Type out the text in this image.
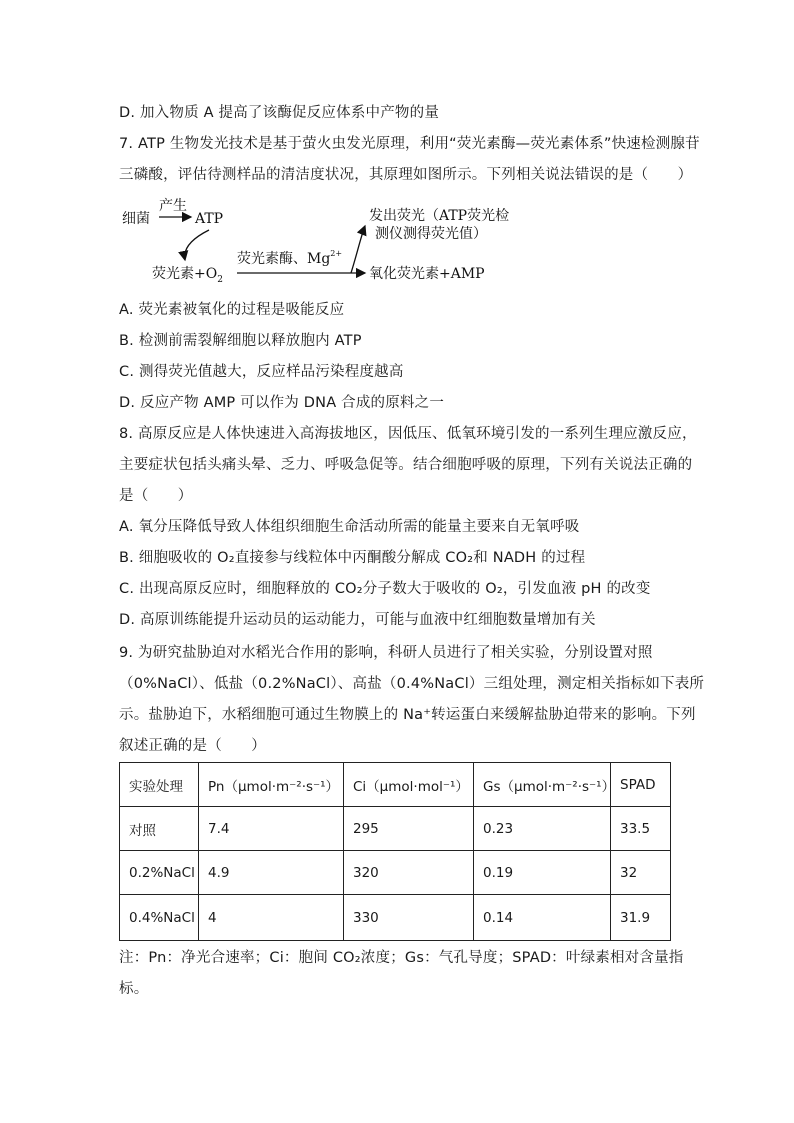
D. 加入物质 A 提高了该酶促反应体系中产物的量
7. ATP 生物发光技术是基于萤火虫发光原理，利用“荧光素酶—荧光素体系”快速检测腺苷
三磷酸，评估待测样品的清洁度状况，其原理如图所示。下列相关说法错误的是（　　）
细菌
产生
ATP
荧光素$+O_2$
荧光素酶、$Mg^{2+}$
氧化荧光素+AMP
发出荧光（ATP荧光检
测仪测得荧光值）
A. 荧光素被氧化的过程是吸能反应
B. 检测前需裂解细胞以释放胞内 ATP
C. 测得荧光值越大，反应样品污染程度越高
D. 反应产物 AMP 可以作为 DNA 合成的原料之一
8. 高原反应是人体快速进入高海拔地区，因低压、低氧环境引发的一系列生理应激反应，
主要症状包括头痛头晕、乏力、呼吸急促等。结合细胞呼吸的原理，下列有关说法正确的
是（　　）
A. 氧分压降低导致人体组织细胞生命活动所需的能量主要来自无氧呼吸
B. 细胞吸收的 O₂直接参与线粒体中丙酮酸分解成 CO₂和 NADH 的过程
C. 出现高原反应时，细胞释放的 CO₂分子数大于吸收的 O₂，引发血液 pH 的改变
D. 高原训练能提升运动员的运动能力，可能与血液中红细胞数量增加有关
9. 为研究盐胁迫对水稻光合作用的影响，科研人员进行了相关实验，分别设置对照
（0%NaCl）、低盐（0.2%NaCl）、高盐（0.4%NaCl）三组处理，测定相关指标如下表所
示。盐胁迫下，水稻细胞可通过生物膜上的 Na⁺转运蛋白来缓解盐胁迫带来的影响。下列
叙述正确的是（　　）
实验处理	Pn（μmol·m⁻²·s⁻¹）	Ci（μmol·mol⁻¹）	Gs（μmol·m⁻²·s⁻¹）	SPAD
对照	7.4	295	0.23	33.5
0.2%NaCl	4.9	320	0.19	32
0.4%NaCl	4	330	0.14	31.9
注：Pn：净光合速率；Ci：胞间 CO₂浓度；Gs：气孔导度；SPAD：叶绿素相对含量指
标。
